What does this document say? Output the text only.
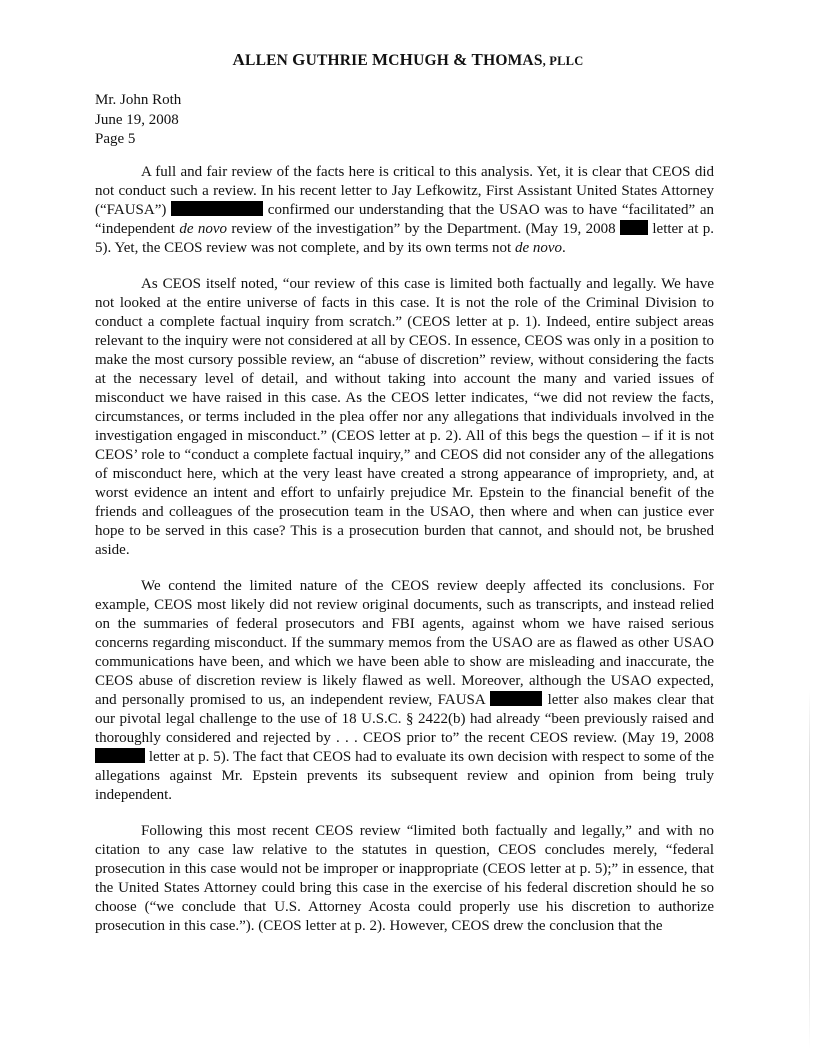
ALLEN GUTHRIE MCHUGH & THOMAS, PLLC
Mr. John Roth
June 19, 2008
Page 5

A full and fair review of the facts here is critical to this analysis. Yet, it is clear that CEOS did not conduct such a review. In his recent letter to Jay Lefkowitz, First Assistant United States Attorney (“FAUSA”)	confirmed our understanding that the USAO was to have “facilitated” an “independent de novo review of the investigation” by the Department. (May 19, 2008  letter at p. 5). Yet, the CEOS review was not complete, and by its own terms not de novo.

As CEOS itself noted, “our review of this case is limited both factually and legally. We have not looked at the entire universe of facts in this case. It is not the role of the Criminal Division to conduct a complete factual inquiry from scratch.” (CEOS letter at p. 1). Indeed, entire subject areas relevant to the inquiry were not considered at all by CEOS. In essence, CEOS was only in a position to make the most cursory possible review, an “abuse of discretion” review, without considering the facts at the necessary level of detail, and without taking into account the many and varied issues of misconduct we have raised in this case. As the CEOS letter indicates, “we did not review the facts, circumstances, or terms included in the plea offer nor any allegations that individuals involved in the investigation engaged in misconduct.” (CEOS letter at p. 2). All of this begs the question – if it is not CEOS’ role to “conduct a complete factual inquiry,” and CEOS did not consider any of the allegations of misconduct here, which at the very least have created a strong appearance of impropriety, and, at worst evidence an intent and effort to unfairly prejudice Mr. Epstein to the financial benefit of the friends and colleagues of the prosecution team in the USAO, then where and when can justice ever hope to be served in this case? This is a prosecution burden that cannot, and should not, be brushed aside.

We contend the limited nature of the CEOS review deeply affected its conclusions. For example, CEOS most likely did not review original documents, such as transcripts, and instead relied on the summaries of federal prosecutors and FBI agents, against whom we have raised serious concerns regarding misconduct. If the summary memos from the USAO are as flawed as other USAO communications have been, and which we have been able to show are misleading and inaccurate, the CEOS abuse of discretion review is likely flawed as well. Moreover, although the USAO expected, and personally promised to us, an independent review, FAUSA	letter also makes clear that our pivotal legal challenge to the use of 18 U.S.C. § 2422(b) had already “been previously raised and thoroughly considered and rejected by . . . CEOS prior to” the recent CEOS review. (May 19, 2008  letter at p. 5). The fact that CEOS had to evaluate its own decision with respect to some of the allegations against Mr. Epstein prevents its subsequent review and opinion from being truly independent.

Following this most recent CEOS review “limited both factually and legally,” and with no citation to any case law relative to the statutes in question, CEOS concludes merely, “federal prosecution in this case would not be improper or inappropriate (CEOS letter at p. 5);” in essence, that the United States Attorney could bring this case in the exercise of his federal discretion should he so choose (“we conclude that U.S. Attorney Acosta could properly use his discretion to authorize prosecution in this case.”). (CEOS letter at p. 2). However, CEOS drew the conclusion that the
